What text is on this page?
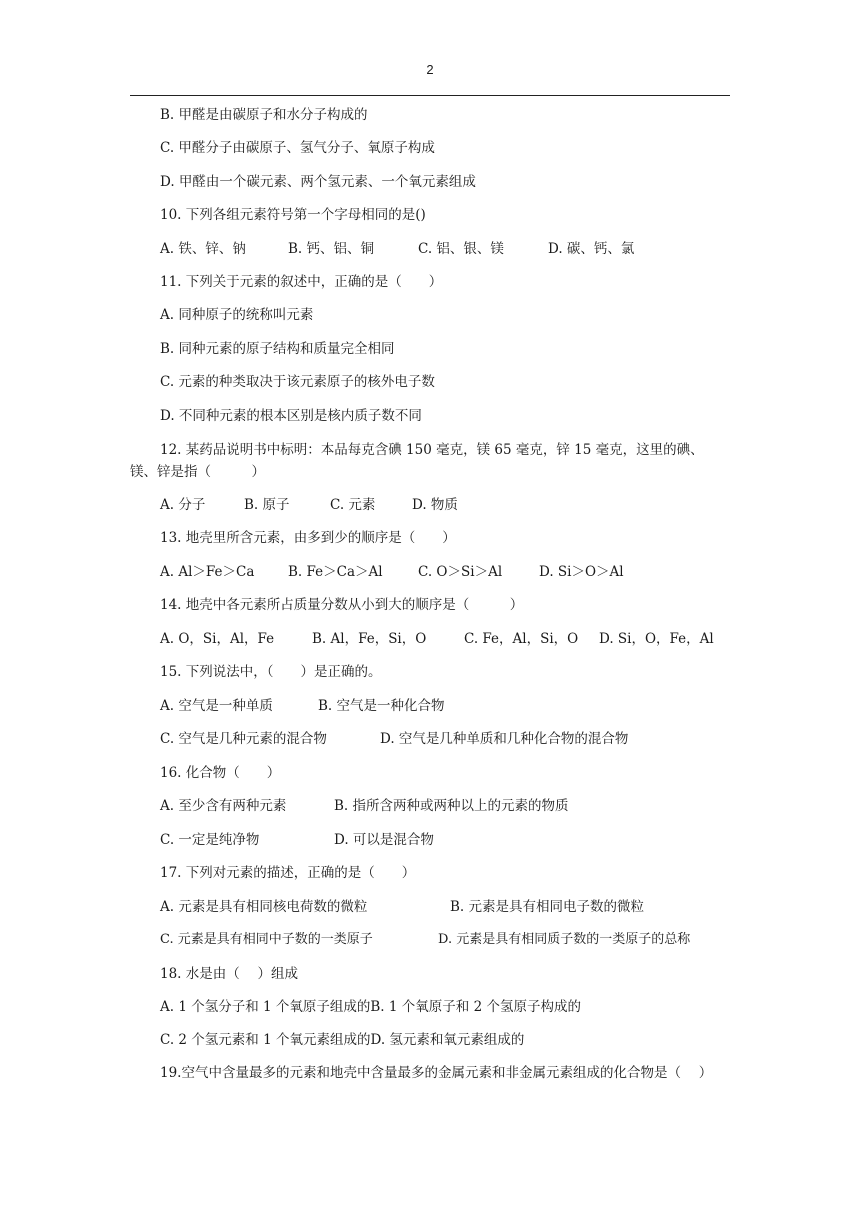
2
B. 甲醛是由碳原子和水分子构成的
C. 甲醛分子由碳原子、氢气分子、氧原子构成
D. 甲醛由一个碳元素、两个氢元素、一个氧元素组成
10. 下列各组元素符号第一个字母相同的是()
A. 铁、锌、钠	B. 钙、铝、铜	C. 铝、银、镁	D. 碳、钙、氯
11. 下列关于元素的叙述中，正确的是（　　）
A. 同种原子的统称叫元素
B. 同种元素的原子结构和质量完全相同
C. 元素的种类取决于该元素原子的核外电子数
D. 不同种元素的根本区别是核内质子数不同
12. 某药品说明书中标明：本品每克含碘 150 毫克，镁 65 毫克，锌 15 毫克，这里的碘、镁、锌是指（　　　）
A. 分子	B. 原子	C. 元素	D. 物质
13. 地壳里所含元素，由多到少的顺序是（　　）
A. Al＞Fe＞Ca B. Fe＞Ca＞Al	C. O＞Si＞Al	D. Si＞O＞Al
14. 地壳中各元素所占质量分数从小到大的顺序是（　　　）
A. O，Si，Al，Fe	B. Al，Fe，Si，O	C. Fe，Al，Si，O D. Si，O，Fe，Al
15. 下列说法中，（　　）是正确的。
A. 空气是一种单质	B. 空气是一种化合物
C. 空气是几种元素的混合物	D. 空气是几种单质和几种化合物的混合物
16. 化合物（　　）
A. 至少含有两种元素	B. 指所含两种或两种以上的元素的物质
C. 一定是纯净物	D. 可以是混合物
17. 下列对元素的描述，正确的是（　　）
A. 元素是具有相同核电荷数的微粒	B. 元素是具有相同电子数的微粒
C. 元素是具有相同中子数的一类原子	D. 元素是具有相同质子数的一类原子的总称
18. 水是由（　 ）组成
A. 1 个氢分子和 1 个氧原子组成的B. 1 个氧原子和 2 个氢原子构成的
C. 2 个氢元素和 1 个氧元素组成的D. 氢元素和氧元素组成的
19.空气中含量最多的元素和地壳中含量最多的金属元素和非金属元素组成的化合物是（　 ）
